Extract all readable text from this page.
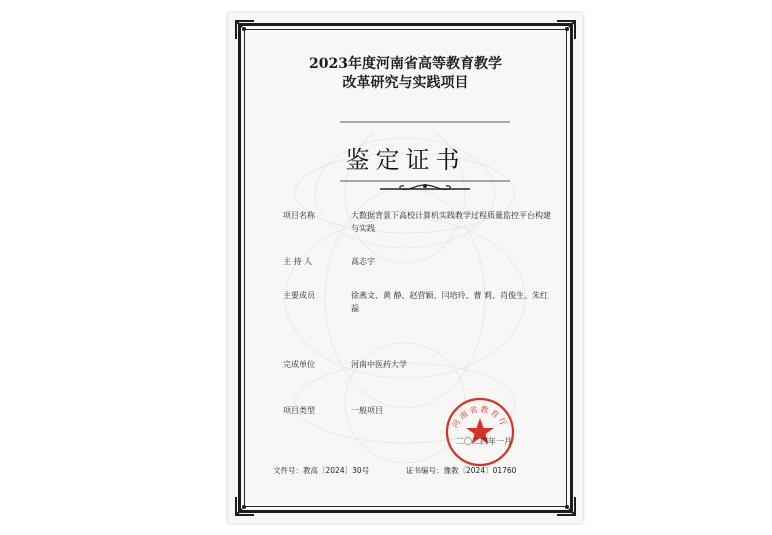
2023年度河南省高等教育教学
改革研究与实践项目
鉴定证书
项目名称	大数据背景下高校计算机实践教学过程质量监控平台构建与实践
主 持 人	高志宇
主要成员	徐燕文、黄 静、赵营颖、闫培玲、曹 莉、肖俊生、朱红磊
完成单位	河南中医药大学
项目类型	一般项目
河南省教育厅
二〇二四年一月
文件号：教高〔2024〕30号	证书编号：豫教〔2024〕01760
